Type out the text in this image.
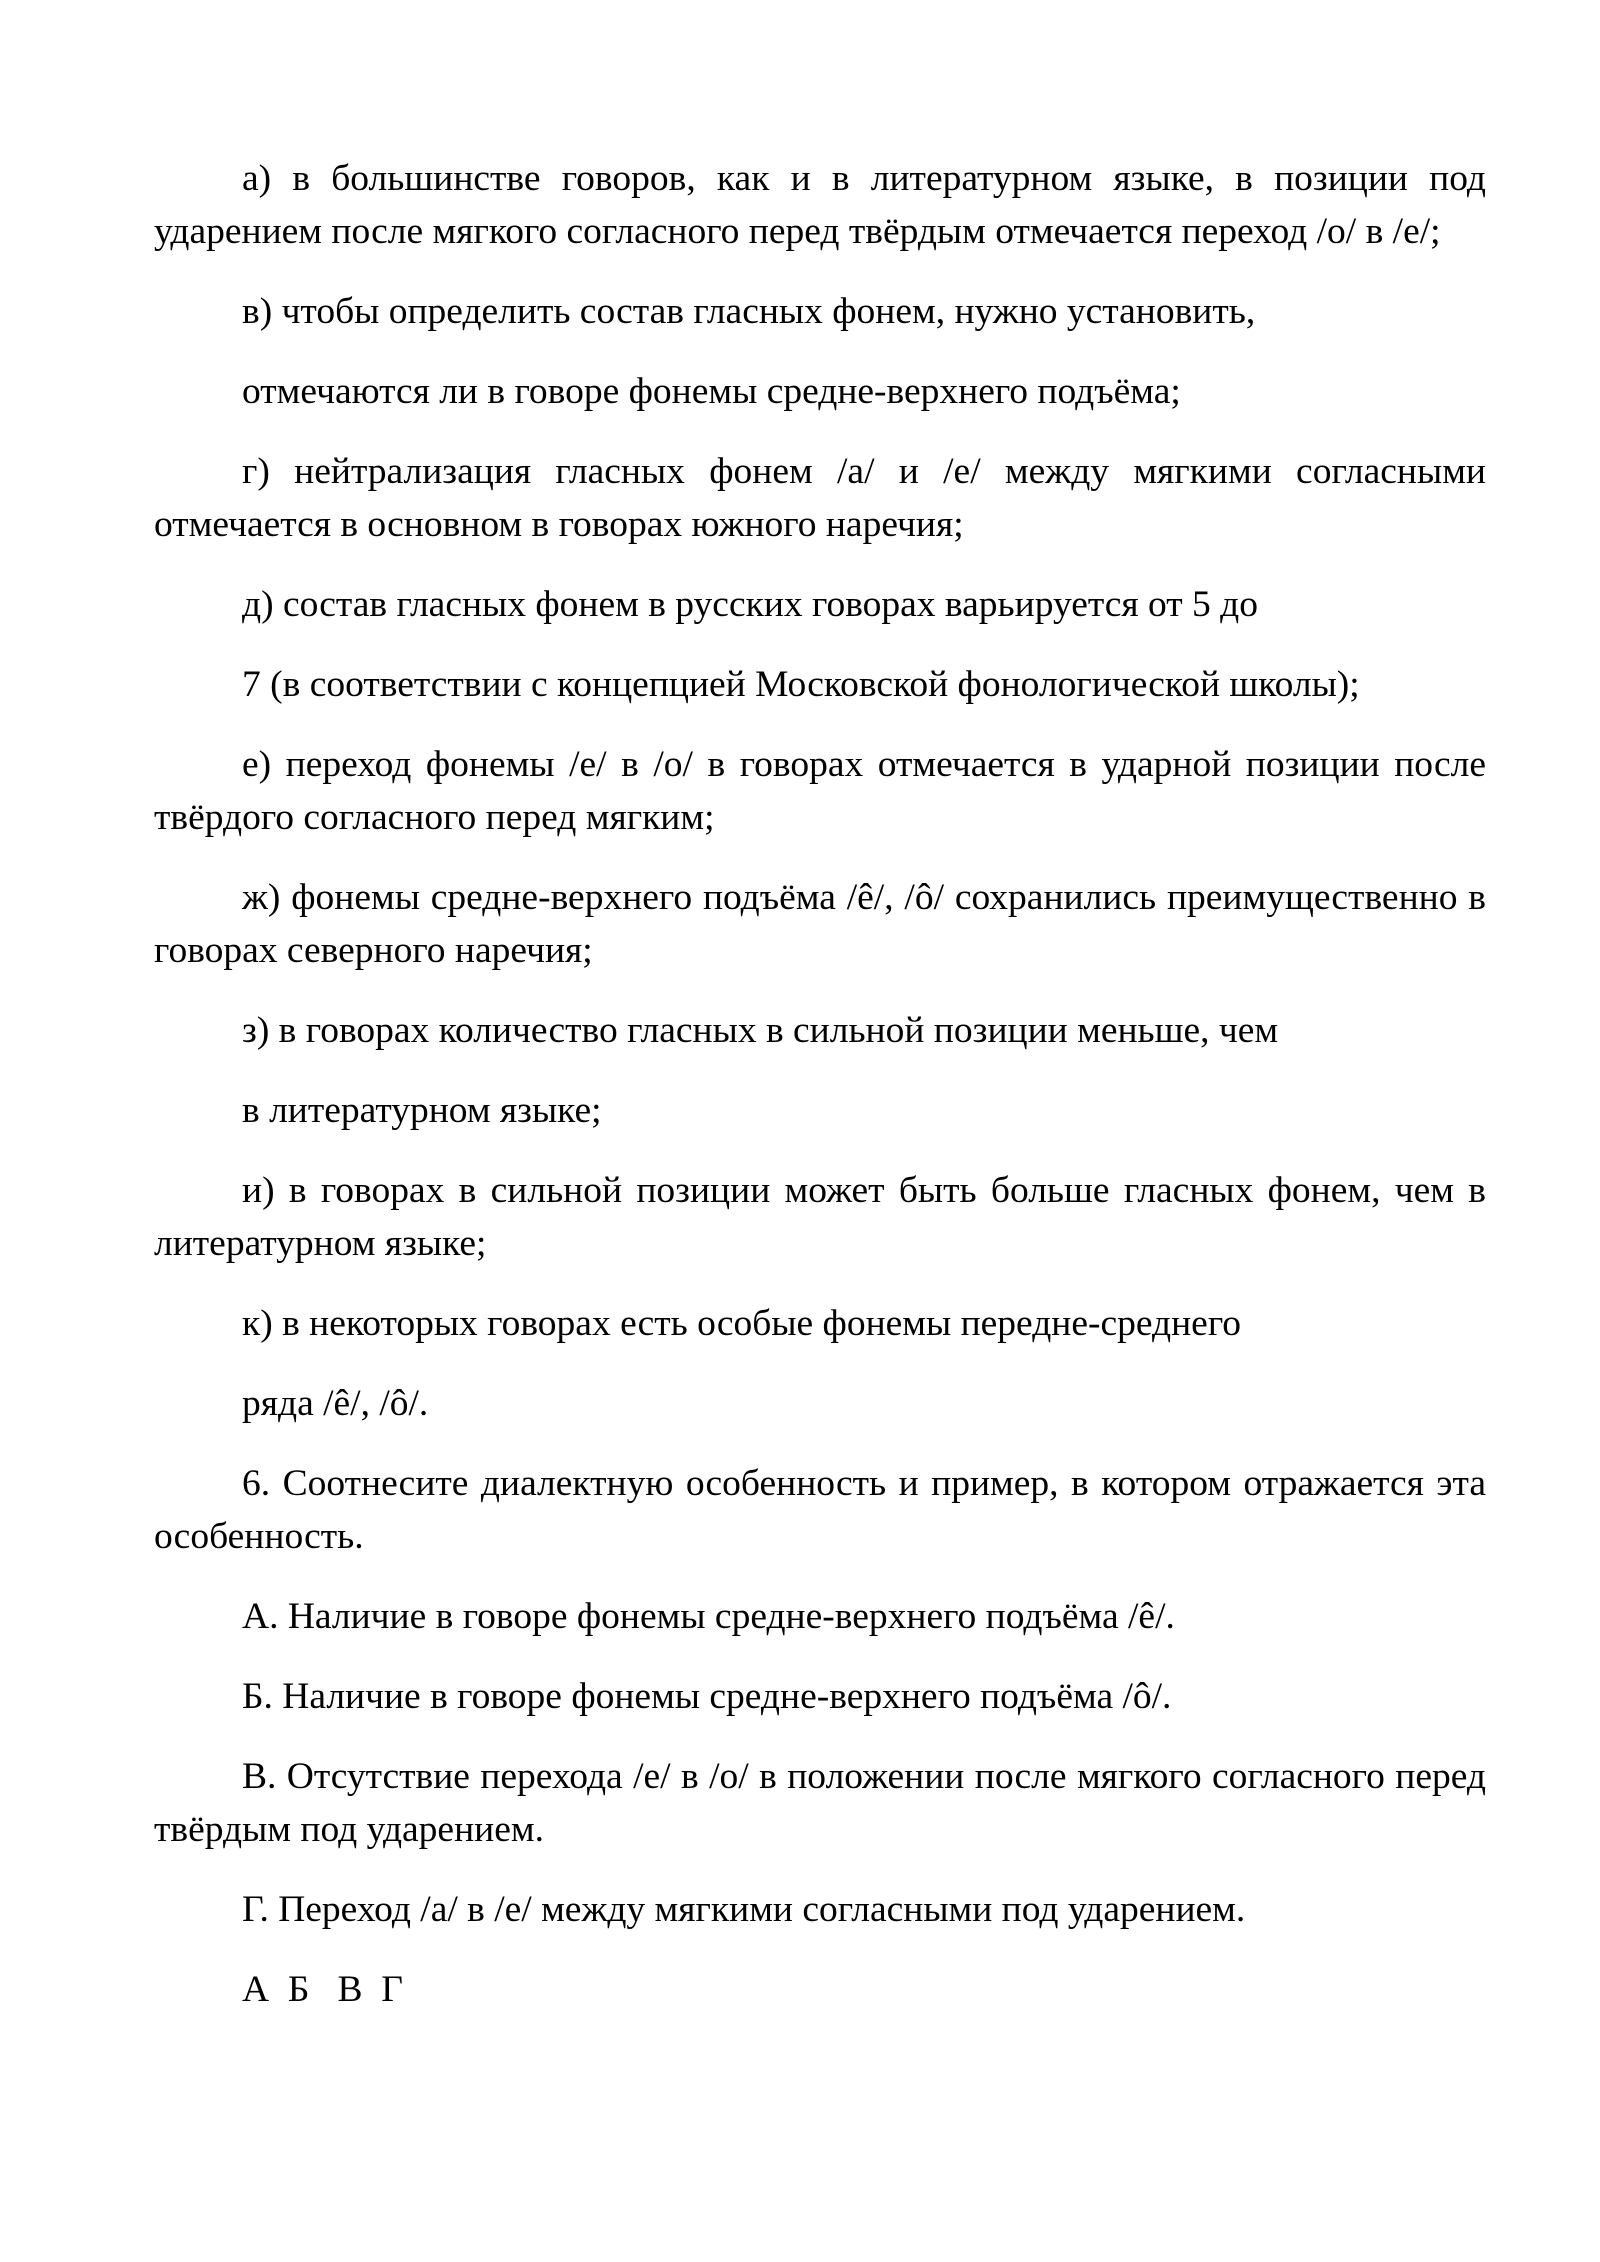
а) в большинстве говоров, как и в литературном языке, в позиции под ударением после мягкого согласного перед твёрдым отмечается переход /о/ в /е/;

в) чтобы определить состав гласных фонем, нужно установить,

отмечаются ли в говоре фонемы средне-верхнего подъёма;

г) нейтрализация гласных фонем /а/ и /е/ между мягкими согласными отмечается в основном в говорах южного наречия;

д) состав гласных фонем в русских говорах варьируется от 5 до

7 (в соответствии с концепцией Московской фонологической школы);

е) переход фонемы /е/ в /о/ в говорах отмечается в ударной позиции после твёрдого согласного перед мягким;

ж) фонемы средне-верхнего подъёма /ê/, /ô/ сохранились преимущественно в говорах северного наречия;

з) в говорах количество гласных в сильной позиции меньше, чем

в литературном языке;

и) в говорах в сильной позиции может быть больше гласных фонем, чем в литературном языке;

к) в некоторых говорах есть особые фонемы передне-среднего

ряда /ê/, /ô/.

6. Соотнесите диалектную особенность и пример, в котором отражается эта особенность.

А. Наличие в говоре фонемы средне-верхнего подъёма /ê/.

Б. Наличие в говоре фонемы средне-верхнего подъёма /ô/.

В. Отсутствие перехода /е/ в /о/ в положении после мягкого согласного перед твёрдым под ударением.

Г. Переход /а/ в /е/ между мягкими согласными под ударением.

А  Б   В  Г
